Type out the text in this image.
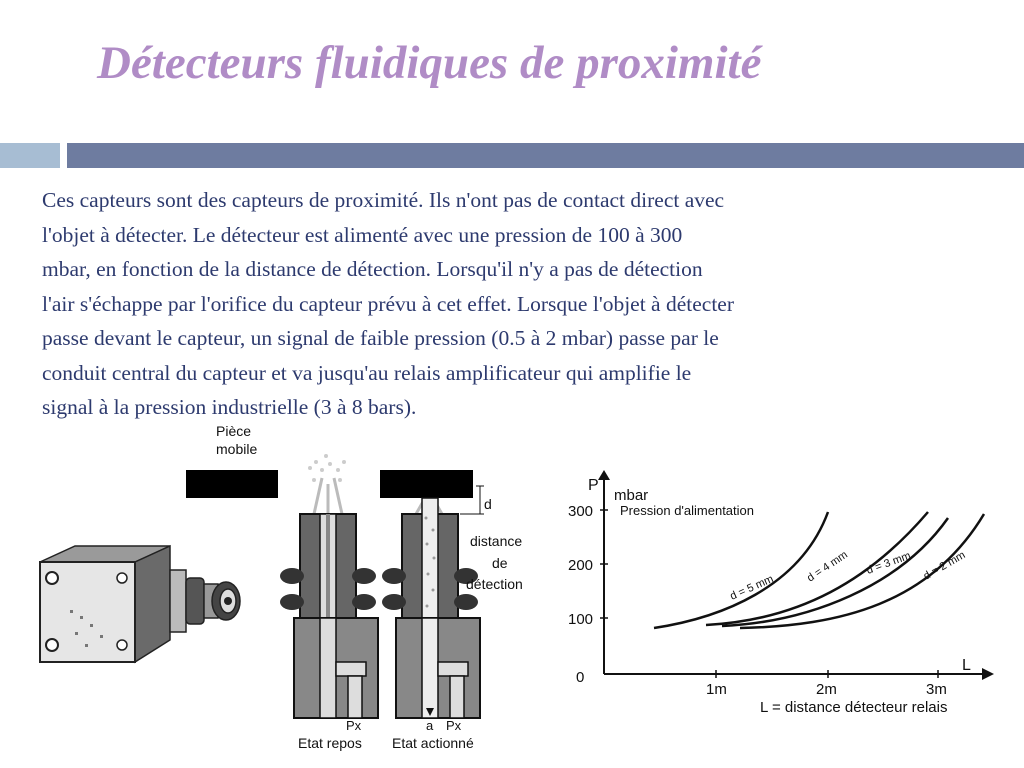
Détecteurs fluidiques de proximité
Ces capteurs sont des capteurs de proximité. Ils n'ont pas de contact direct avec
l'objet à détecter. Le détecteur est alimenté avec une pression de 100 à 300
mbar, en fonction de la distance de détection. Lorsqu'il n'y a pas de détection
l'air s'échappe par l'orifice du capteur prévu à cet effet. Lorsque l'objet à détecter
passe devant le capteur, un signal de faible pression (0.5 à 2 mbar) passe par le
conduit central du capteur et va jusqu'au relais amplificateur qui amplifie le
signal à la pression industrielle (3 à 8 bars).
Pièce
mobile
Px
Etat repos
a Px
Etat actionné
d
distance
de
détection
P
mbar
Pression d'alimentation
300
200
100
0
1m	2m	3m
L
L = distance détecteur relais
d = 5 mm
d = 4 mm d = 3 mm d = 2 mm
